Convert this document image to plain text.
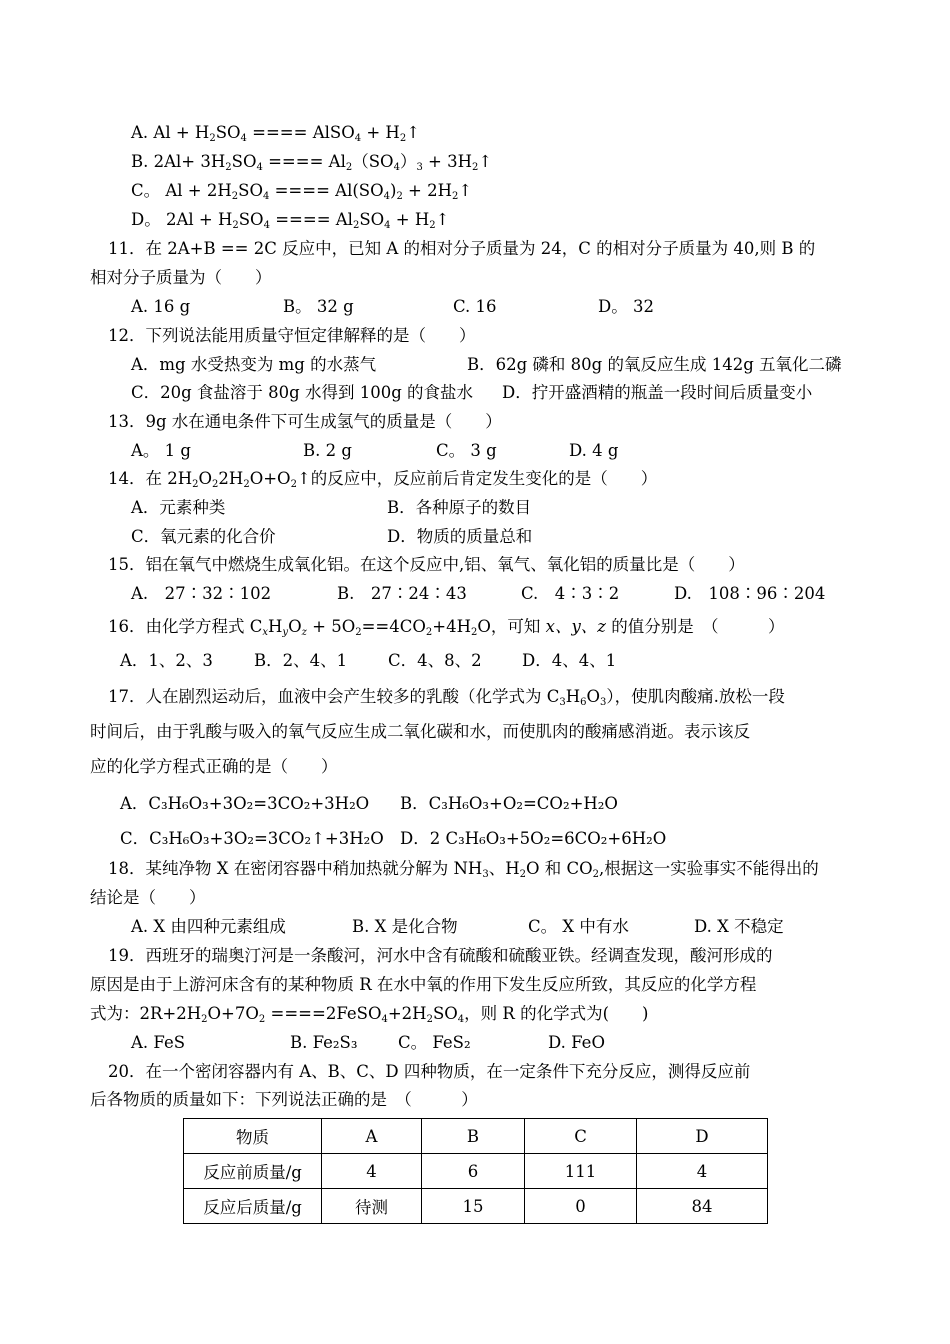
A. $Al + H_2SO_4$ ==== AlSO$_4$ + $H_2↑$
B. $2Al+ 3H_2SO_4$ ==== $Al_2(SO_4)_3$ + $3H_2↑$
C。 $Al + 2H_2SO_4$ ==== $Al(SO_4)_2$ + $2H_2↑$
D。 $2Al + H_2SO_4$ ==== $Al_2SO_4$ + $H_2↑$
11．在 2A+B == 2C 反应中，已知 A 的相对分子质量为 24，C 的相对分子质量为 40,则 B 的
相对分子质量为（　　）
A. 16 g	B。 32 g	C. 16	D。 32
12．下列说法能用质量守恒定律解释的是（　　）
A．mg 水受热变为 mg 的水蒸气	B．62g 磷和 80g 的氧反应生成 142g 五氧化二磷
C．20g 食盐溶于 80g 水得到 100g 的食盐水 D．拧开盛酒精的瓶盖一段时间后质量变小
13．9g 水在通电条件下可生成氢气的质量是（　　）
A。 1 g	B. 2 g	C。 3 g	D. 4 g
14．在 $2H_2O_22H_2O+O_2↑$的反应中，反应前后肯定发生变化的是（　　）
A．元素种类	B．各种原子的数目
C．氧元素的化合价	D．物质的质量总和
15．铝在氧气中燃烧生成氧化铝。在这个反应中,铝、氧气、氧化铝的质量比是（　　）
A.　27∶32∶102	B.　27∶24∶43	C.　4∶3∶2	D.　108∶96∶204
16．由化学方程式 $C_xH_yO_z + 5O_2==4CO_2+4H_2O$，可知 x、y、z 的值分别是　（　　　）
A．1、2、3 B．2、4、1 C．4、8、2 D．4、4、1
17．人在剧烈运动后，血液中会产生较多的乳酸（化学式为 $C_3H_6O_3$），使肌肉酸痛.放松一段
时间后，由于乳酸与吸入的氧气反应生成二氧化碳和水，而使肌肉的酸痛感消逝。表示该反
应的化学方程式正确的是（　　）
A．C₃H₆O₃+3O₂=3CO₂+3H₂O B．C₃H₆O₃+O₂=CO₂+H₂O
C．C₃H₆O₃+3O₂=3CO₂↑+3H₂O D．2 C₃H₆O₃+5O₂=6CO₂+6H₂O
18．某纯净物 X 在密闭容器中稍加热就分解为 $NH_3$、$H_2O$ 和 $CO_2$,根据这一实验事实不能得出的
结论是（　　）
A. X 由四种元素组成	B. X 是化合物	C。 X 中有水	D. X 不稳定
19．西班牙的瑞奥汀河是一条酸河，河水中含有硫酸和硫酸亚铁。经调查发现，酸河形成的
原因是由于上游河床含有的某种物质 R 在水中氧的作用下发生反应所致，其反应的化学方程
式为：$2R+2H_2O+7O_2$ $====2FeSO_4+2H_2SO_4$，则 R 的化学式为(　　)
A. FeS	B. Fe₂S₃ C。 FeS₂	D. FeO
20．在一个密闭容器内有 A、B、C、D 四种物质，在一定条件下充分反应，测得反应前
后各物质的质量如下：下列说法正确的是　（　　　）
物质	A	B	C	D
反应前质量/g	4	6	111	4
反应后质量/g	待测	15	0	84
